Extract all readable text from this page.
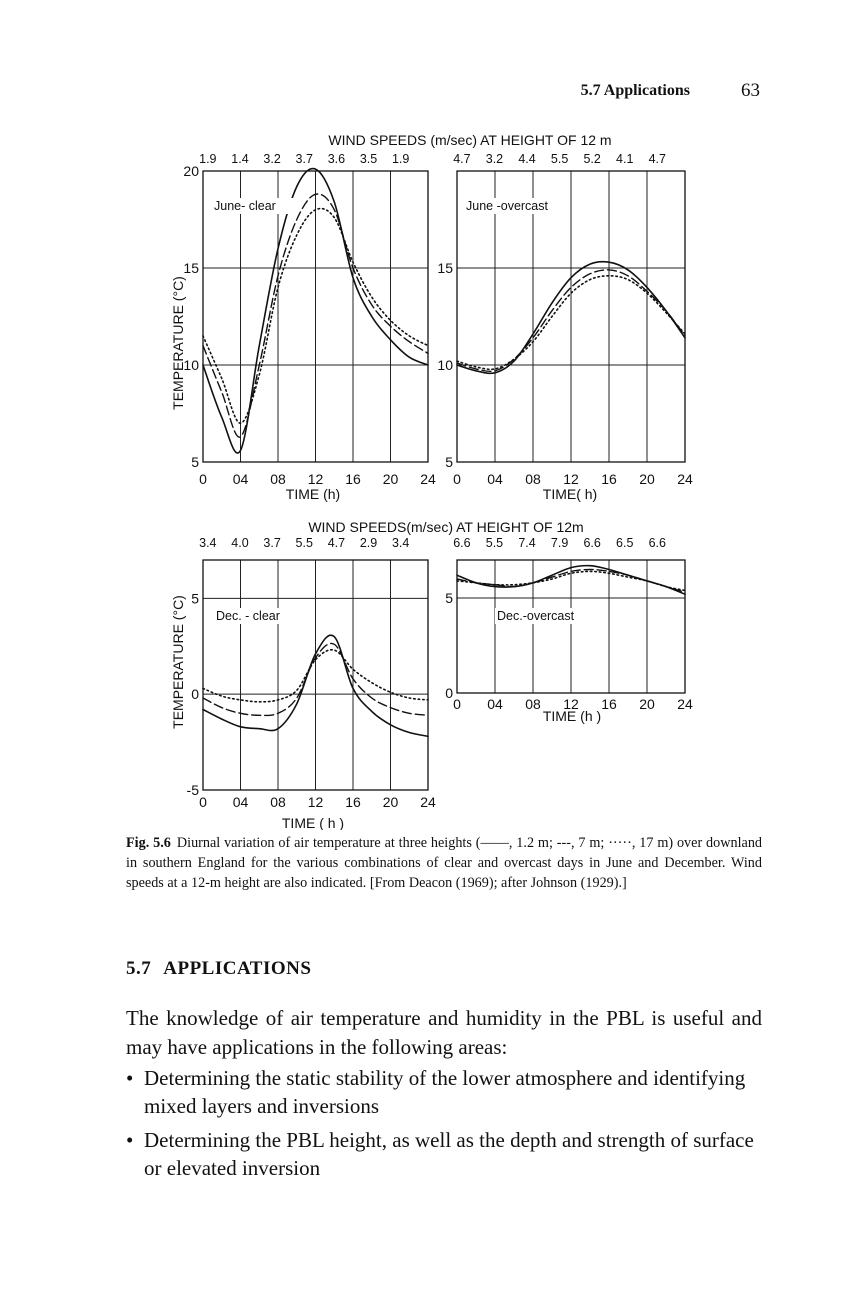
5.7 Applications	63
WIND SPEEDS (m/sec) AT HEIGHT OF 12 m
WIND SPEEDS(m/sec) AT HEIGHT OF 12m
TEMPERATURE (°C)
TEMPERATURE (°C)
TIME (h)	TIME( h)
TIME ( h )
TIME (h )
20
15
10
5
0 04 08 12 16 20 24
1.9 1.4 3.2 3.7 3.6 3.5 1.9
June- clear
15
10
5
0 04 08 12 16 20 24
4.7 3.2 4.4 5.5 5.2 4.1 4.7
June -overcast
5
0
-5
0 04 08 12 16 20 24
3.4 4.0 3.7 5.5 4.7 2.9 3.4
Dec. - clear
5
0
0 04 08 12 16 20 24
6.6 5.5 7.4 7.9 6.6 6.5 6.6
Dec.-overcast
Fig. 5.6 Diurnal variation of air temperature at three heights (——, 1.2 m; ---, 7 m; ·····, 17 m) over downland in southern England for the various combinations of clear and overcast days in June and December. Wind speeds at a 12-m height are also indicated. [From Deacon (1969); after Johnson (1929).]
5.7 APPLICATIONS

The knowledge of air temperature and humidity in the PBL is useful and may have applications in the following areas:

• Determining the static stability of the lower atmosphere and identifying mixed layers and inversions
• Determining the PBL height, as well as the depth and strength of surface or elevated inversion
